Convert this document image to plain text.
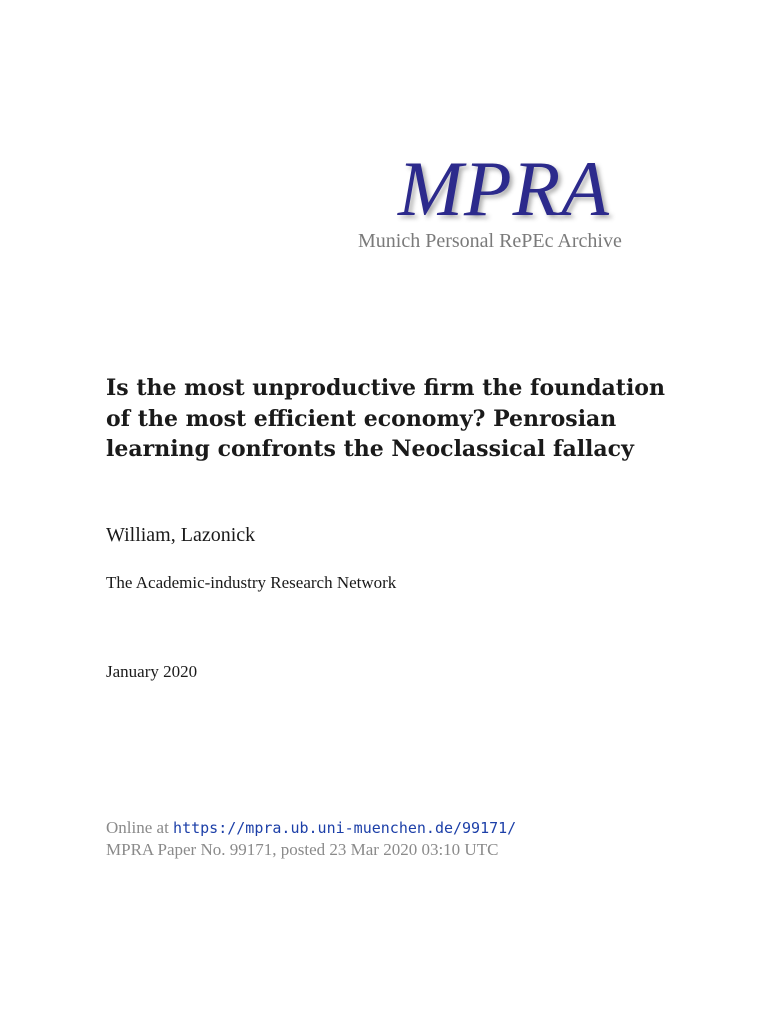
MPRA
Munich Personal RePEc Archive
Is the most unproductive firm the foundation of the most efficient economy? Penrosian learning confronts the Neoclassical fallacy
William, Lazonick
The Academic-industry Research Network
January 2020
Online at https://mpra.ub.uni-muenchen.de/99171/
MPRA Paper No. 99171, posted 23 Mar 2020 03:10 UTC
